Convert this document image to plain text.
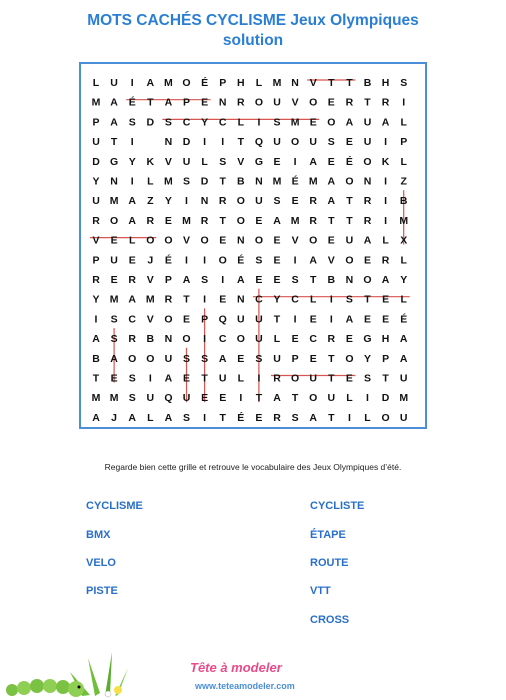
MOTS CACHÉS CYCLISME Jeux Olympiques
solution
L U I A M O É P H L M N V T T B H S
M A É T A P E N R O U V O E R T R I
P A S D S C Y C L I S M E O A U A L
U T I	N D I I T Q U O U S E U I P
D G Y K V U L S V G E I A E É O K L
Y N I L M S D T B N M É M A O N I Z
U M A Z Y I N R O U S E R A T R I B
R O A R E M R T O E A M R T T R I M
V E L O O V O E N O E V O E U A L X
P U E J É I I O É S E I A V O E R L
R E R V P A S I A E E S T B N O A Y
Y M A M R T I E N C Y C L I S T E L
I S C V O E P Q U U T I E I A E E É
A S R B N O I C O U L E C R E G H A
B A O O U S S A E S U P E T O Y P A
T E S I A E T U L I R O U T E S T U
M M S U Q U E E I T A T O U L I D M
A J A L A S I T É E R S A T I L O U
Regarde bien cette grille et retrouve le vocabulaire des Jeux Olympiques d’été.
CYCLISME
BMX
VELO
PISTE
CYCLISTE
ÉTAPE
ROUTE
VTT
CROSS
Tête à modeler
www.teteamodeler.com
